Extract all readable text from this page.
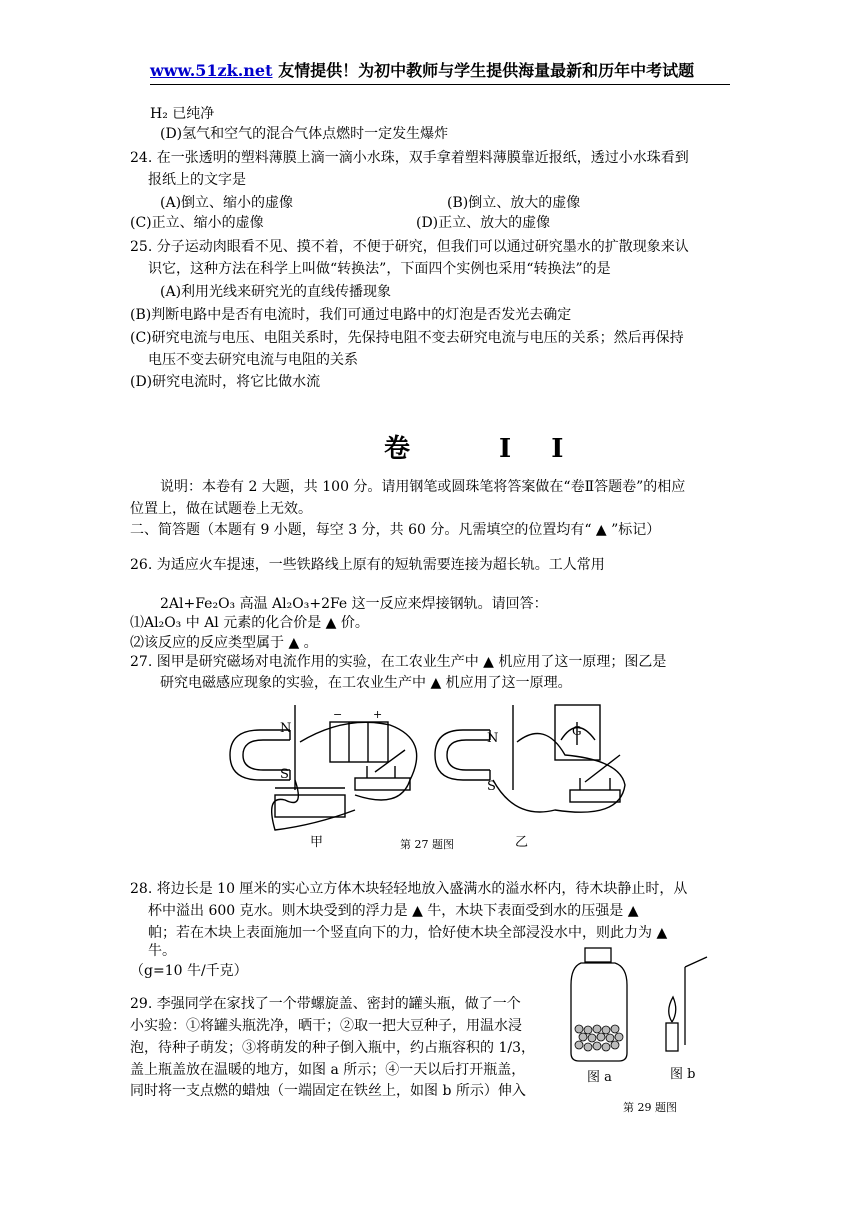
www.51zk.net 友情提供！为初中教师与学生提供海量最新和历年中考试题
H₂ 已纯净
(D)氢气和空气的混合气体点燃时一定发生爆炸
24. 在一张透明的塑料薄膜上滴一滴小水珠，双手拿着塑料薄膜靠近报纸，透过小水珠看到
报纸上的文字是
(A)倒立、缩小的虚像	(B)倒立、放大的虚像
(C)正立、缩小的虚像	(D)正立、放大的虚像
25. 分子运动肉眼看不见、摸不着，不便于研究，但我们可以通过研究墨水的扩散现象来认
识它，这种方法在科学上叫做“转换法”，下面四个实例也采用“转换法”的是
(A)利用光线来研究光的直线传播现象
(B)判断电路中是否有电流时，我们可通过电路中的灯泡是否发光去确定
(C)研究电流与电压、电阻关系时，先保持电阻不变去研究电流与电压的关系；然后再保持
电压不变去研究电流与电阻的关系
(D)研究电流时，将它比做水流
卷 II
说明：本卷有 2 大题，共 100 分。请用钢笔或圆珠笔将答案做在“卷Ⅱ答题卷”的相应
位置上，做在试题卷上无效。
二、简答题（本题有 9 小题，每空 3 分，共 60 分。凡需填空的位置均有“ ▲ ”标记）
26. 为适应火车提速，一些铁路线上原有的短轨需要连接为超长轨。工人常用
2Al+Fe₂O₃ 高温 Al₂O₃+2Fe 这一反应来焊接钢轨。请回答：
⑴Al₂O₃ 中 Al 元素的化合价是 ▲ 价。
⑵该反应的反应类型属于 ▲ 。
27. 图甲是研究磁场对电流作用的实验，在工农业生产中 ▲ 机应用了这一原理；图乙是
研究电磁感应现象的实验，在工农业生产中 ▲ 机应用了这一原理。
N
S
+
−
N
S
G
甲	第 27 题图	乙
28. 将边长是 10 厘米的实心立方体木块轻轻地放入盛满水的溢水杯内，待木块静止时，从
杯中溢出 600 克水。则木块受到的浮力是 ▲ 牛，木块下表面受到水的压强是 ▲
帕；若在木块上表面施加一个竖直向下的力，恰好使木块全部浸没水中，则此力为 ▲
牛。
（g=10 牛/千克）
29. 李强同学在家找了一个带螺旋盖、密封的罐头瓶，做了一个
小实验：①将罐头瓶洗净，晒干；②取一把大豆种子，用温水浸
泡，待种子萌发；③将萌发的种子倒入瓶中，约占瓶容积的 1/3，
盖上瓶盖放在温暖的地方，如图 a 所示；④一天以后打开瓶盖，
同时将一支点燃的蜡烛（一端固定在铁丝上，如图 b 所示）伸入
图 a	图 b
第 29 题图
